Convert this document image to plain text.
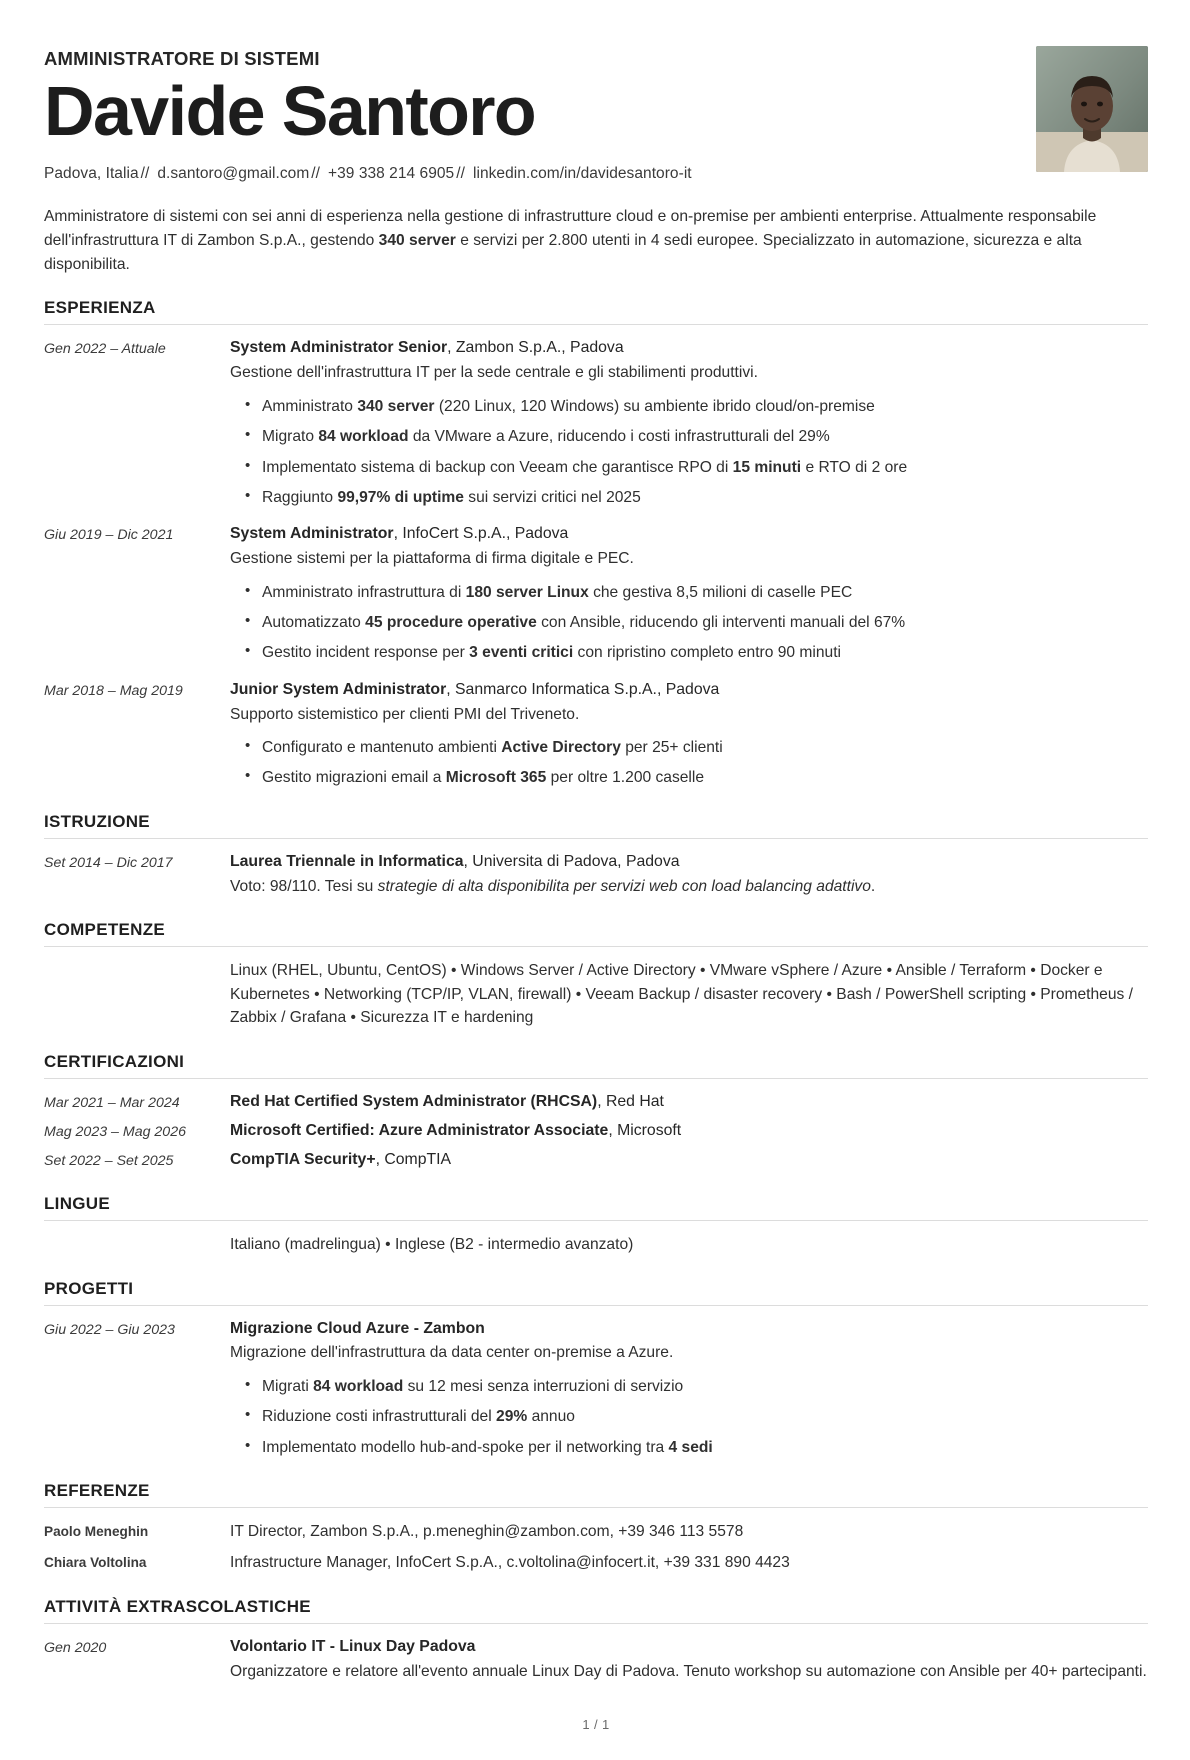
AMMINISTRATORE DI SISTEMI
Davide Santoro
Padova, Italia // d.santoro@gmail.com // +39 338 214 6905 // linkedin.com/in/davidesantoro-it

Amministratore di sistemi con sei anni di esperienza nella gestione di infrastrutture cloud e on-premise per ambienti enterprise. Attualmente responsabile dell'infrastruttura IT di Zambon S.p.A., gestendo 340 server e servizi per 2.800 utenti in 4 sedi europee. Specializzato in automazione, sicurezza e alta disponibilita.

ESPERIENZA
Gen 2022 – Attuale	System Administrator Senior, Zambon S.p.A., Padova
Gestione dell'infrastruttura IT per la sede centrale e gli stabilimenti produttivi.
• Amministrato 340 server (220 Linux, 120 Windows) su ambiente ibrido cloud/on-premise
• Migrato 84 workload da VMware a Azure, riducendo i costi infrastrutturali del 29%
• Implementato sistema di backup con Veeam che garantisce RPO di 15 minuti e RTO di 2 ore
• Raggiunto 99,97% di uptime sui servizi critici nel 2025
Giu 2019 – Dic 2021	System Administrator, InfoCert S.p.A., Padova
Gestione sistemi per la piattaforma di firma digitale e PEC.
• Amministrato infrastruttura di 180 server Linux che gestiva 8,5 milioni di caselle PEC
• Automatizzato 45 procedure operative con Ansible, riducendo gli interventi manuali del 67%
• Gestito incident response per 3 eventi critici con ripristino completo entro 90 minuti
Mar 2018 – Mag 2019	Junior System Administrator, Sanmarco Informatica S.p.A., Padova
Supporto sistemistico per clienti PMI del Triveneto.
• Configurato e mantenuto ambienti Active Directory per 25+ clienti
• Gestito migrazioni email a Microsoft 365 per oltre 1.200 caselle
ISTRUZIONE
Set 2014 – Dic 2017	Laurea Triennale in Informatica, Universita di Padova, Padova
Voto: 98/110. Tesi su strategie di alta disponibilita per servizi web con load balancing adattivo.
COMPETENZE
Linux (RHEL, Ubuntu, CentOS) • Windows Server / Active Directory • VMware vSphere / Azure • Ansible / Terraform • Docker e Kubernetes • Networking (TCP/IP, VLAN, firewall) • Veeam Backup / disaster recovery • Bash / PowerShell scripting • Prometheus / Zabbix / Grafana • Sicurezza IT e hardening
CERTIFICAZIONI
Mar 2021 – Mar 2024	Red Hat Certified System Administrator (RHCSA), Red Hat
Mag 2023 – Mag 2026	Microsoft Certified: Azure Administrator Associate, Microsoft
Set 2022 – Set 2025	CompTIA Security+, CompTIA
LINGUE
Italiano (madrelingua) • Inglese (B2 - intermedio avanzato)
PROGETTI
Giu 2022 – Giu 2023	Migrazione Cloud Azure - Zambon
Migrazione dell'infrastruttura da data center on-premise a Azure.
• Migrati 84 workload su 12 mesi senza interruzioni di servizio
• Riduzione costi infrastrutturali del 29% annuo
• Implementato modello hub-and-spoke per il networking tra 4 sedi
REFERENZE
Paolo Meneghin	IT Director, Zambon S.p.A., p.meneghin@zambon.com, +39 346 113 5578
Chiara Voltolina	Infrastructure Manager, InfoCert S.p.A., c.voltolina@infocert.it, +39 331 890 4423
ATTIVITÀ EXTRASCOLASTICHE
Gen 2020	Volontario IT - Linux Day Padova
Organizzatore e relatore all'evento annuale Linux Day di Padova. Tenuto workshop su automazione con Ansible per 40+ partecipanti.
1 / 1
